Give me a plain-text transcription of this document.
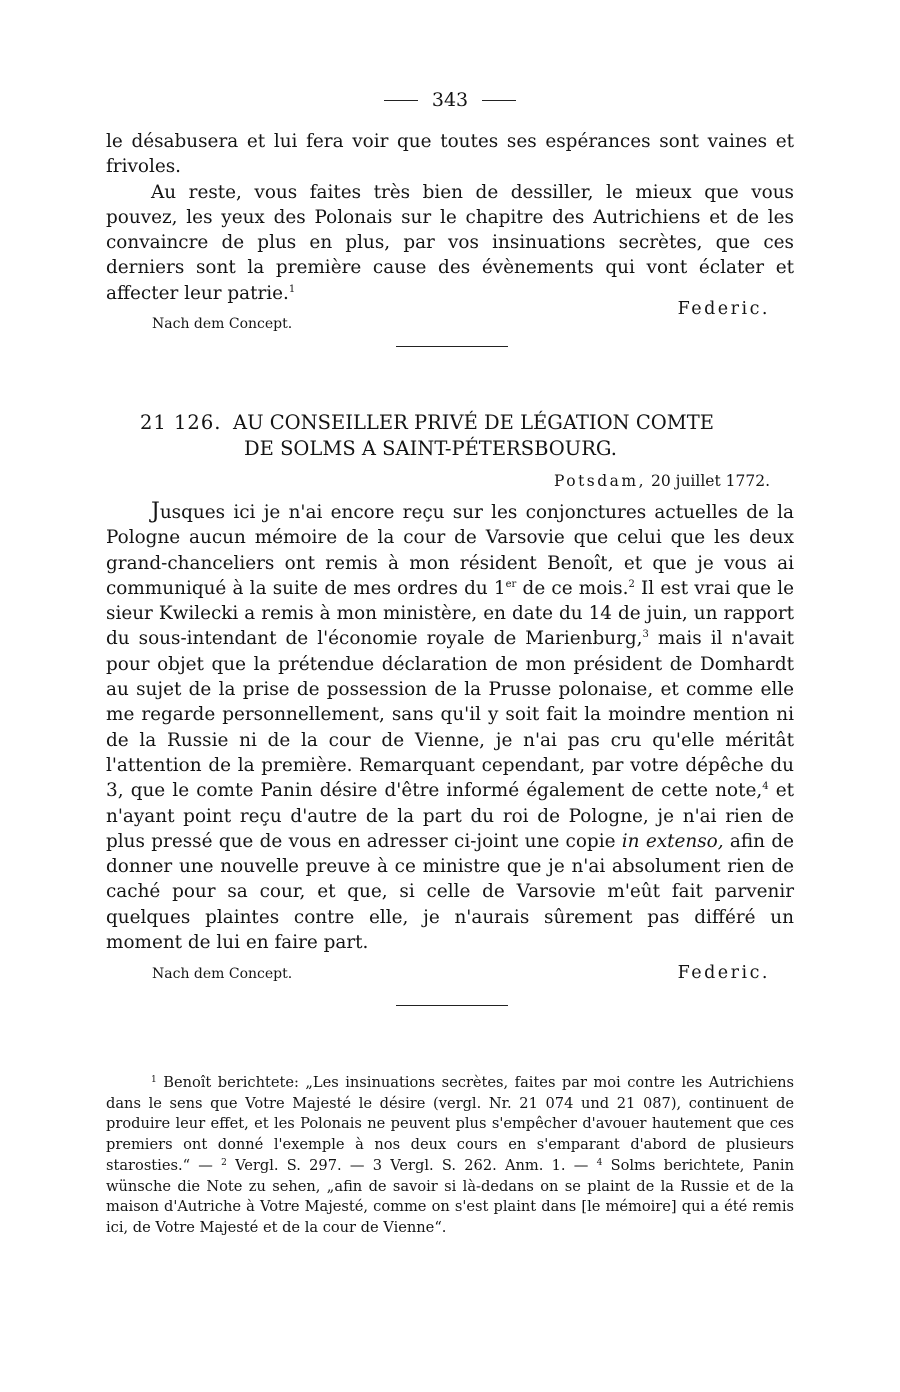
343

le désabusera et lui fera voir que toutes ses espérances sont vaines et frivoles.

Au reste, vous faites très bien de dessiller, le mieux que vous pouvez, les yeux des Polonais sur le chapitre des Autrichiens et de les convaincre de plus en plus, par vos insinuations secrètes, que ces derniers sont la première cause des évènements qui vont éclater et affecter leur patrie.$^1$

Federic.
Nach dem Concept.
21 126. AU CONSEILLER PRIVÉ DE LÉGATION COMTE
DE SOLMS A SAINT-PÉTERSBOURG.
Potsdam, 20 juillet 1772.

Jusques ici je n'ai encore reçu sur les conjonctures actuelles de la Pologne aucun mémoire de la cour de Varsovie que celui que les deux grand-chanceliers ont remis à mon résident Benoît, et que je vous ai communiqué à la suite de mes ordres du 1er de ce mois.$^2$ Il est vrai que le sieur Kwilecki a remis à mon ministère, en date du 14 de juin, un rapport du sous-intendant de l'économie royale de Marienburg,$^3$ mais il n'avait pour objet que la prétendue déclaration de mon président de Domhardt au sujet de la prise de possession de la Prusse polonaise, et comme elle me regarde personnellement, sans qu'il y soit fait la moindre mention ni de la Russie ni de la cour de Vienne, je n'ai pas cru qu'elle méritât l'attention de la première. Remarquant cependant, par votre dépêche du 3, que le comte Panin désire d'être informé également de cette note,$^4$ et n'ayant point reçu d'autre de la part du roi de Pologne, je n'ai rien de plus pressé que de vous en adresser ci-joint une copie in extenso, afin de donner une nouvelle preuve à ce ministre que je n'ai absolument rien de caché pour sa cour, et que, si celle de Varsovie m'eût fait parvenir quelques plaintes contre elle, je n'aurais sûrement pas différé un moment de lui en faire part.

Nach dem Concept.	Federic.

$^1$ Benoît berichtete: „Les insinuations secrètes, faites par moi contre les Autrichiens dans le sens que Votre Majesté le désire (vergl. Nr. 21 074 und 21 087), continuent de produire leur effet, et les Polonais ne peuvent plus s'empêcher d'avouer hautement que ces premiers ont donné l'exemple à nos deux cours en s'emparant d'abord de plusieurs starosties.“ — $^2$ Vergl. S. 297. — 3 Vergl. S. 262. Anm. 1. — $^4$ Solms berichtete, Panin wünsche die Note zu sehen, „afin de savoir si là-dedans on se plaint de la Russie et de la maison d'Autriche à Votre Majesté, comme on s'est plaint dans [le mémoire] qui a été remis ici, de Votre Majesté et de la cour de Vienne“.
